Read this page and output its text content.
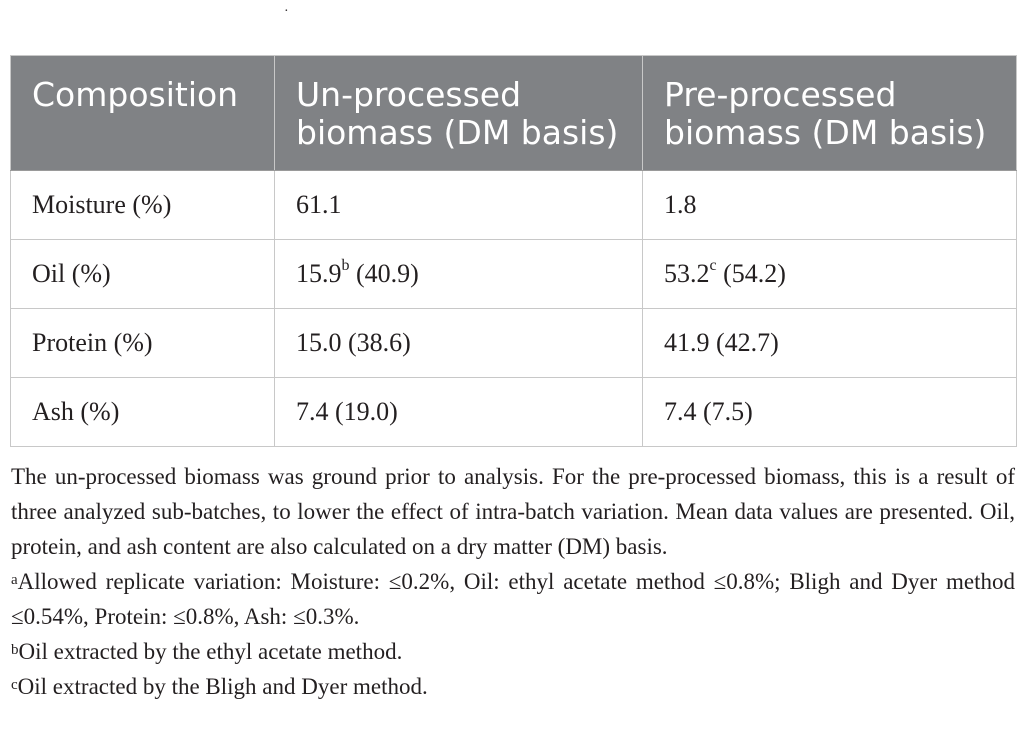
·
Composition	Un-processed biomass (DM basis)	Pre-processed biomass (DM basis)
Moisture (%)	61.1	1.8
Oil (%)	15.9$^b$ (40.9)	53.2$^c$ (54.2)
Protein (%)	15.0 (38.6)	41.9 (42.7)
Ash (%)	7.4 (19.0)	7.4 (7.5)

The un-processed biomass was ground prior to analysis. For the pre-processed biomass, this is a result of three analyzed sub-batches, to lower the effect of intra-batch variation. Mean data values are presented. Oil, protein, and ash content are also calculated on a dry matter (DM) basis.

$^a$Allowed replicate variation: Moisture: ≤0.2%, Oil: ethyl acetate method ≤0.8%; Bligh and Dyer method ≤0.54%, Protein: ≤0.8%, Ash: ≤0.3%.

$^b$Oil extracted by the ethyl acetate method.

$^c$Oil extracted by the Bligh and Dyer method.
